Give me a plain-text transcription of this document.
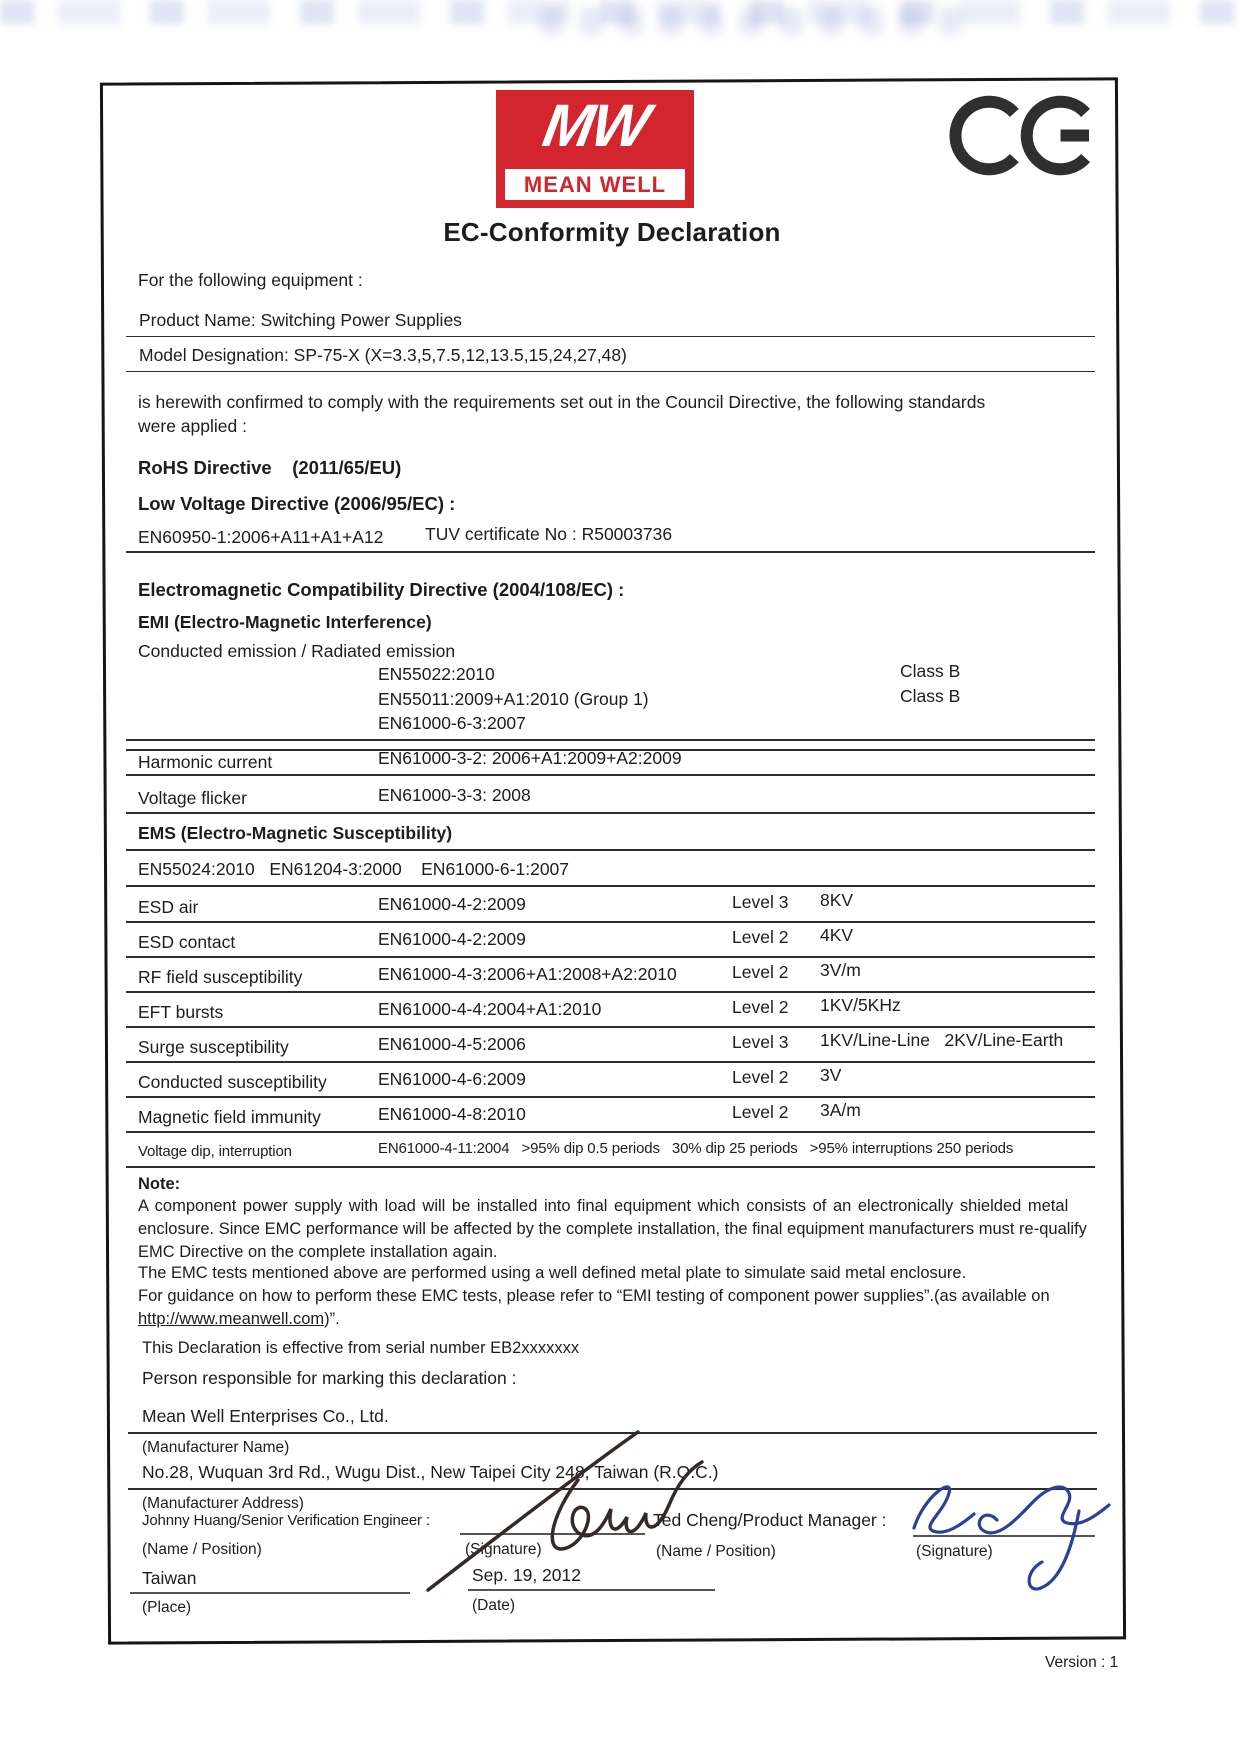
MW
MEAN WELL
EC-Conformity Declaration
For the following equipment :
Product Name: Switching Power Supplies
Model Designation: SP-75-X (X=3.3,5,7.5,12,13.5,15,24,27,48)
is herewith confirmed to comply with the requirements set out in the Council Directive, the following standards
were applied :
RoHS Directive    (2011/65/EU)
Low Voltage Directive (2006/95/EC) :
EN60950-1:2006+A11+A1+A12 TUV certificate No : R50003736
Electromagnetic Compatibility Directive (2004/108/EC) :
EMI (Electro-Magnetic Interference)
Conducted emission / Radiated emission
EN55022:2010	Class B
EN55011:2009+A1:2010 (Group 1)	Class B
EN61000-6-3:2007
Harmonic current	EN61000-3-2: 2006+A1:2009+A2:2009
Voltage flicker	EN61000-3-3: 2008
EMS (Electro-Magnetic Susceptibility)
EN55024:2010   EN61204-3:2000    EN61000-6-1:2007
ESD air	EN61000-4-2:2009	Level 3 8KV
ESD contact	EN61000-4-2:2009	Level 2 4KV
RF field susceptibility	EN61000-4-3:2006+A1:2008+A2:2010	Level 2 3V/m
EFT bursts	EN61000-4-4:2004+A1:2010	Level 2 1KV/5KHz
Surge susceptibility	EN61000-4-5:2006	Level 3 1KV/Line-Line   2KV/Line-Earth
Conducted susceptibility	EN61000-4-6:2009	Level 2 3V
Magnetic field immunity	EN61000-4-8:2010	Level 2 3A/m
Voltage dip, interruption	EN61000-4-11:2004   >95% dip 0.5 periods   30% dip 25 periods   >95% interruptions 250 periods
Note:
A component power supply with load will be installed into final equipment which consists of an electronically shielded metal
enclosure. Since EMC performance will be affected by the complete installation, the final equipment manufacturers must re-qualify
EMC Directive on the complete installation again.
The EMC tests mentioned above are performed using a well defined metal plate to simulate said metal enclosure.
For guidance on how to perform these EMC tests, please refer to “EMI testing of component power supplies”.(as available on
http://www.meanwell.com)”.
This Declaration is effective from serial number EB2xxxxxxx
Person responsible for marking this declaration :
Mean Well Enterprises Co., Ltd.
(Manufacturer Name)
No.28, Wuquan 3rd Rd., Wugu Dist., New Taipei City 248, Taiwan (R.O.C.)
(Manufacturer Address)
Johnny Huang/Senior Verification Engineer :
(Signature)
(Name / Position)
Ted Cheng/Product Manager :
(Signature)
(Name / Position)
Taiwan
(Place)
Sep. 19, 2012
(Date)
Version : 1
